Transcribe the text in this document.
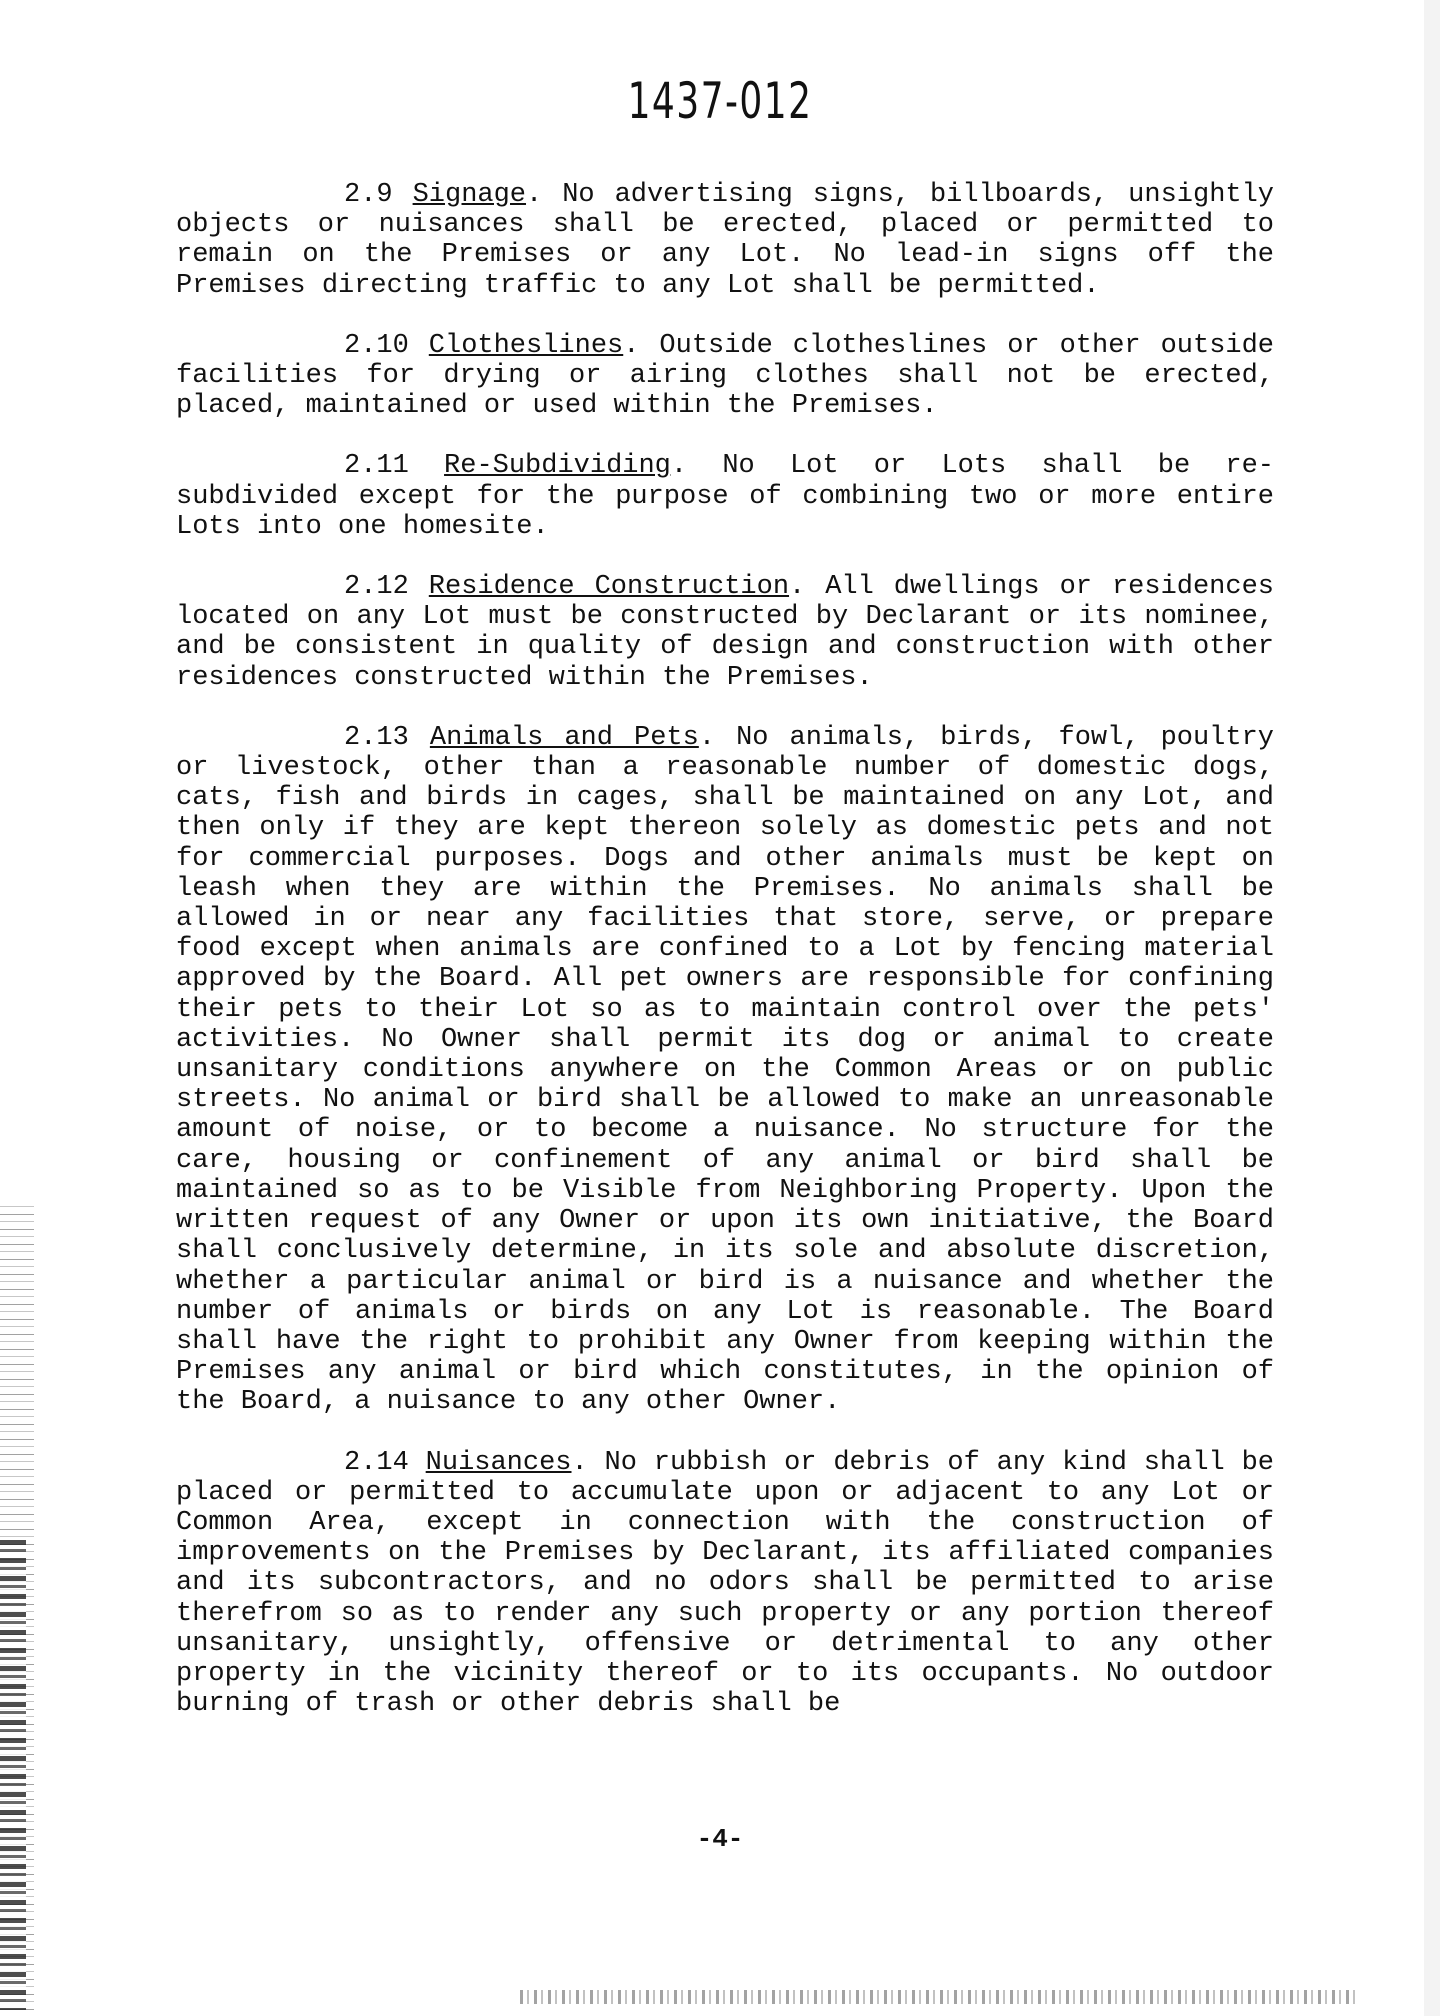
1437-012

2.9 Signage. No advertising signs, billboards, unsightly objects or nuisances shall be erected, placed or permitted to remain on the Premises or any Lot. No lead-in signs off the Premises directing traffic to any Lot shall be permitted.

2.10 Clotheslines. Outside clotheslines or other outside facilities for drying or airing clothes shall not be erected, placed, maintained or used within the Premises.

2.11 Re-Subdividing. No Lot or Lots shall be re-subdivided except for the purpose of combining two or more entire Lots into one homesite.

2.12 Residence Construction. All dwellings or residences located on any Lot must be constructed by Declarant or its nominee, and be consistent in quality of design and construction with other residences constructed within the Premises.

2.13 Animals and Pets. No animals, birds, fowl, poultry or livestock, other than a reasonable number of domestic dogs, cats, fish and birds in cages, shall be maintained on any Lot, and then only if they are kept thereon solely as domestic pets and not for commercial purposes. Dogs and other animals must be kept on leash when they are within the Premises. No animals shall be allowed in or near any facilities that store, serve, or prepare food except when animals are confined to a Lot by fencing material approved by the Board. All pet owners are responsible for confining their pets to their Lot so as to maintain control over the pets' activities. No Owner shall permit its dog or animal to create unsanitary conditions anywhere on the Common Areas or on public streets. No animal or bird shall be allowed to make an unreasonable amount of noise, or to become a nuisance. No structure for the care, housing or confinement of any animal or bird shall be maintained so as to be Visible from Neighboring Property. Upon the written request of any Owner or upon its own initiative, the Board shall conclusively determine, in its sole and absolute discretion, whether a particular animal or bird is a nuisance and whether the number of animals or birds on any Lot is reasonable. The Board shall have the right to prohibit any Owner from keeping within the Premises any animal or bird which constitutes, in the opinion of the Board, a nuisance to any other Owner.

2.14 Nuisances. No rubbish or debris of any kind shall be placed or permitted to accumulate upon or adjacent to any Lot or Common Area, except in connection with the construction of improvements on the Premises by Declarant, its affiliated companies and its subcontractors, and no odors shall be permitted to arise therefrom so as to render any such property or any portion thereof unsanitary, unsightly, offensive or detrimental to any other property in the vicinity thereof or to its occupants. No outdoor burning of trash or other debris shall be

-4-
